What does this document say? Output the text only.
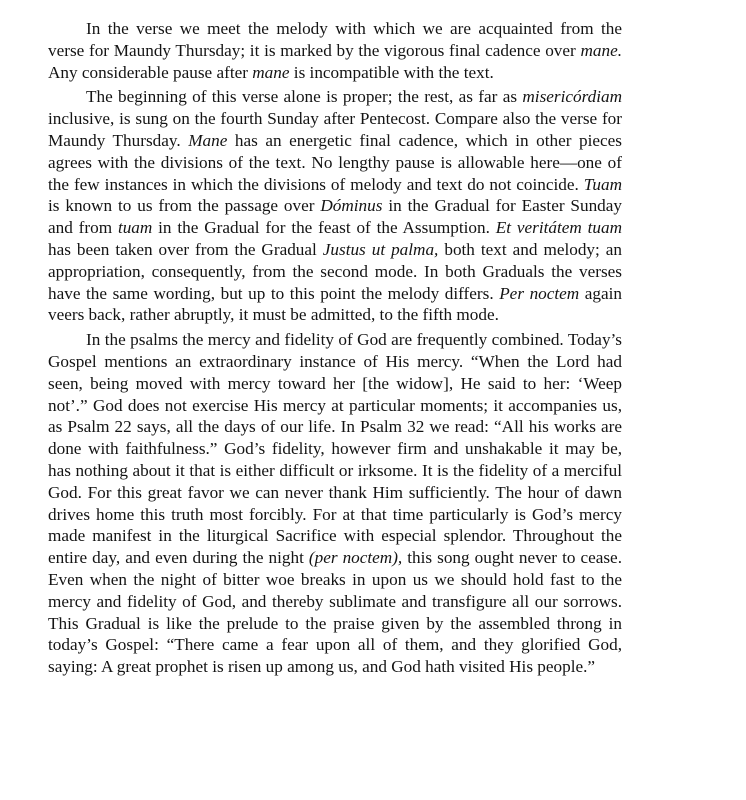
In the verse we meet the melody with which we are acquainted from the verse for Maundy Thursday; it is marked by the vigorous final cadence over mane. Any considerable pause after mane is incompatible with the text.

The beginning of this verse alone is proper; the rest, as far as misericórdiam inclusive, is sung on the fourth Sunday after Pentecost. Compare also the verse for Maundy Thursday. Mane has an energetic final cadence, which in other pieces agrees with the divisions of the text. No lengthy pause is allowable here—one of the few instances in which the divisions of melody and text do not coincide. Tuam is known to us from the passage over Dóminus in the Gradual for Easter Sunday and from tuam in the Gradual for the feast of the Assumption. Et veritátem tuam has been taken over from the Gradual Justus ut palma, both text and melody; an appropriation, consequently, from the second mode. In both Graduals the verses have the same wording, but up to this point the melody differs. Per noctem again veers back, rather abruptly, it must be admitted, to the fifth mode.

In the psalms the mercy and fidelity of God are frequently combined. Today’s Gospel mentions an extraordinary instance of His mercy. “When the Lord had seen, being moved with mercy toward her [the widow], He said to her: ‘Weep not’.” God does not exercise His mercy at particular moments; it accompanies us, as Psalm 22 says, all the days of our life. In Psalm 32 we read: “All his works are done with faithfulness.” God’s fidelity, however firm and unshakable it may be, has nothing about it that is either difficult or irksome. It is the fidelity of a merciful God. For this great favor we can never thank Him sufficiently. The hour of dawn drives home this truth most forcibly. For at that time particularly is God’s mercy made manifest in the liturgical Sacrifice with especial splendor. Throughout the entire day, and even during the night (per noctem), this song ought never to cease. Even when the night of bitter woe breaks in upon us we should hold fast to the mercy and fidelity of God, and thereby sublimate and transfigure all our sorrows. This Gradual is like the prelude to the praise given by the assembled throng in today’s Gospel: “There came a fear upon all of them, and they glorified God, saying: A great prophet is risen up among us, and God hath visited His people.”
